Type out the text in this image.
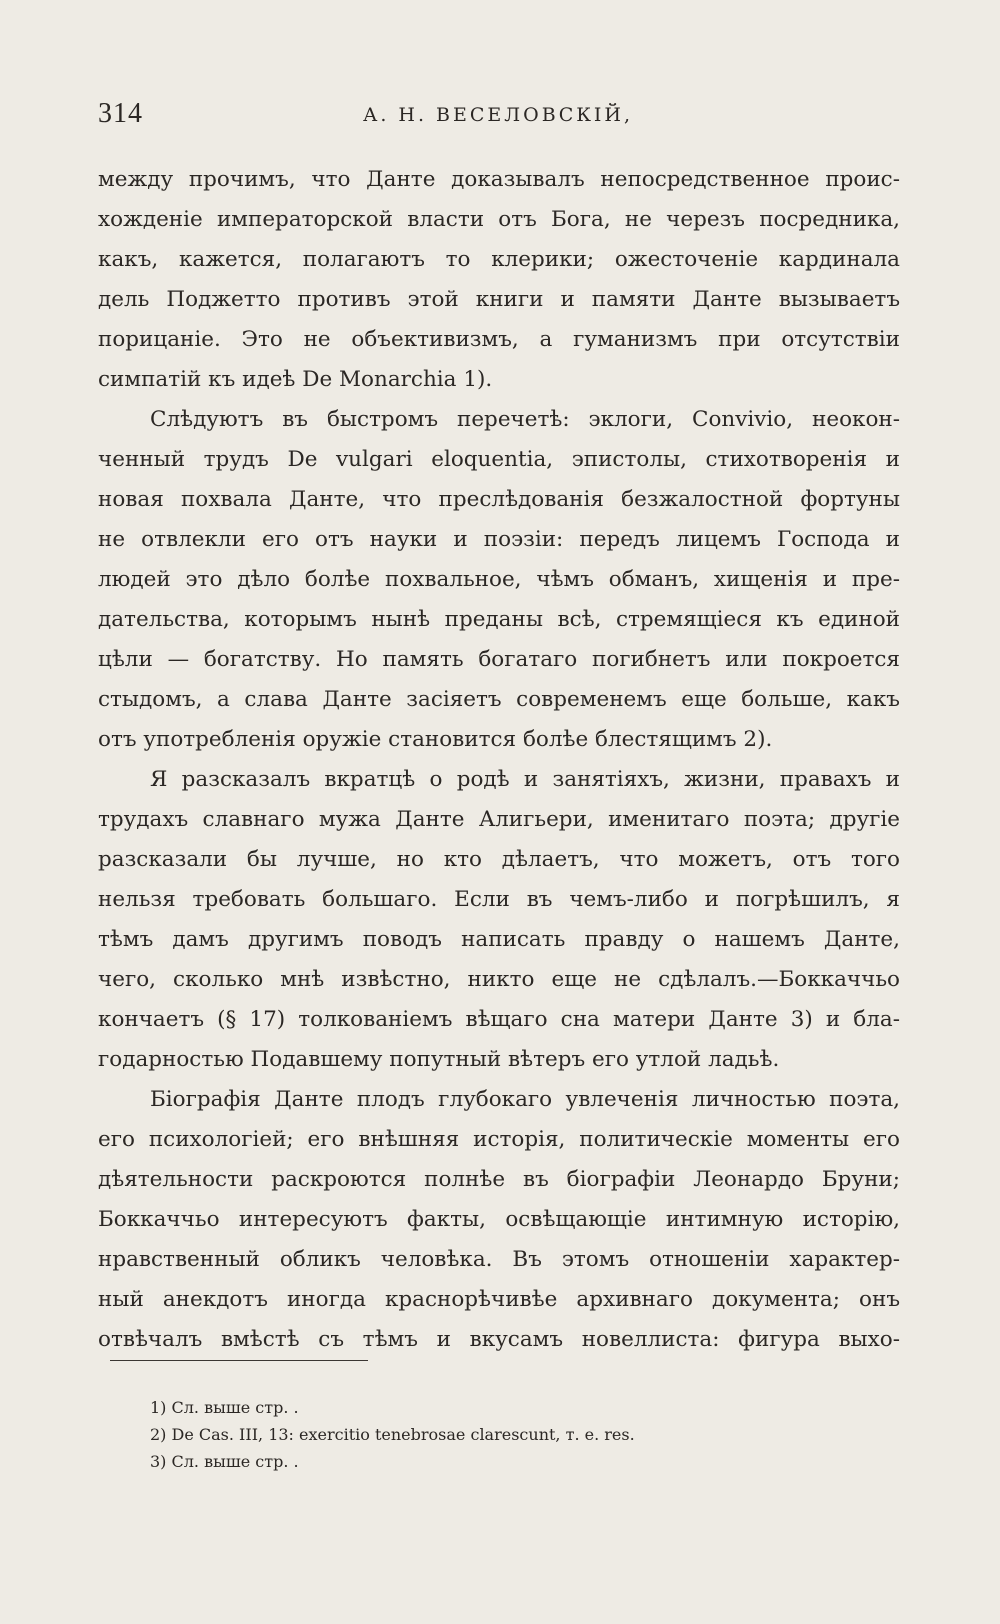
314	А. Н. ВЕСЕЛОВСКІЙ,
между прочимъ, что Данте доказывалъ непосредственное проис-
хожденіе императорской власти отъ Бога, не черезъ посредника,
какъ, кажется, полагаютъ то клерики; ожесточеніе кардинала
дель Поджетто противъ этой книги и памяти Данте вызываетъ
порицаніе. Это не объективизмъ, а гуманизмъ при отсутствіи
симпатій къ идеѣ De Monarchia 1).
Слѣдуютъ въ быстромъ перечетѣ: эклоги, Convivio, неокон-
ченный трудъ De vulgari eloquentia, эпистолы, стихотворенія и
новая похвала Данте, что преслѣдованія безжалостной фортуны
не отвлекли его отъ науки и поэзіи: передъ лицемъ Господа и
людей это дѣло болѣе похвальное, чѣмъ обманъ, хищенія и пре-
дательства, которымъ нынѣ преданы всѣ, стремящіеся къ единой
цѣли — богатству. Но память богатаго погибнетъ или покроется
стыдомъ, а слава Данте засіяетъ современемъ еще больше, какъ
отъ употребленія оружіе становится болѣе блестящимъ 2).
Я разсказалъ вкратцѣ о родѣ и занятіяхъ, жизни, правахъ и
трудахъ славнаго мужа Данте Алигьери, именитаго поэта; другіе
разсказали бы лучше, но кто дѣлаетъ, что можетъ, отъ того
нельзя требовать большаго. Если въ чемъ-либо и погрѣшилъ, я
тѣмъ дамъ другимъ поводъ написать правду о нашемъ Данте,
чего, сколько мнѣ извѣстно, никто еще не сдѣлалъ.—Боккаччьо
кончаетъ (§ 17) толкованіемъ вѣщаго сна матери Данте 3) и бла-
годарностью Подавшему попутный вѣтеръ его утлой ладьѣ.
Біографія Данте плодъ глубокаго увлеченія личностью поэта,
его психологіей; его внѣшняя исторія, политическіе моменты его
дѣятельности раскроются полнѣе въ біографіи Леонардо Бруни;
Боккаччьо интересуютъ факты, освѣщающіе интимную исторію,
нравственный обликъ человѣка. Въ этомъ отношеніи характер-
ный анекдотъ иногда краснорѣчивѣе архивнаго документа; онъ
отвѣчалъ вмѣстѣ съ тѣмъ и вкусамъ новеллиста: фигура выхо-
1) Сл. выше стр. .
2) De Cas. III, 13: exercitio tenebrosae clarescunt, т. е. res.
3) Сл. выше стр. .
